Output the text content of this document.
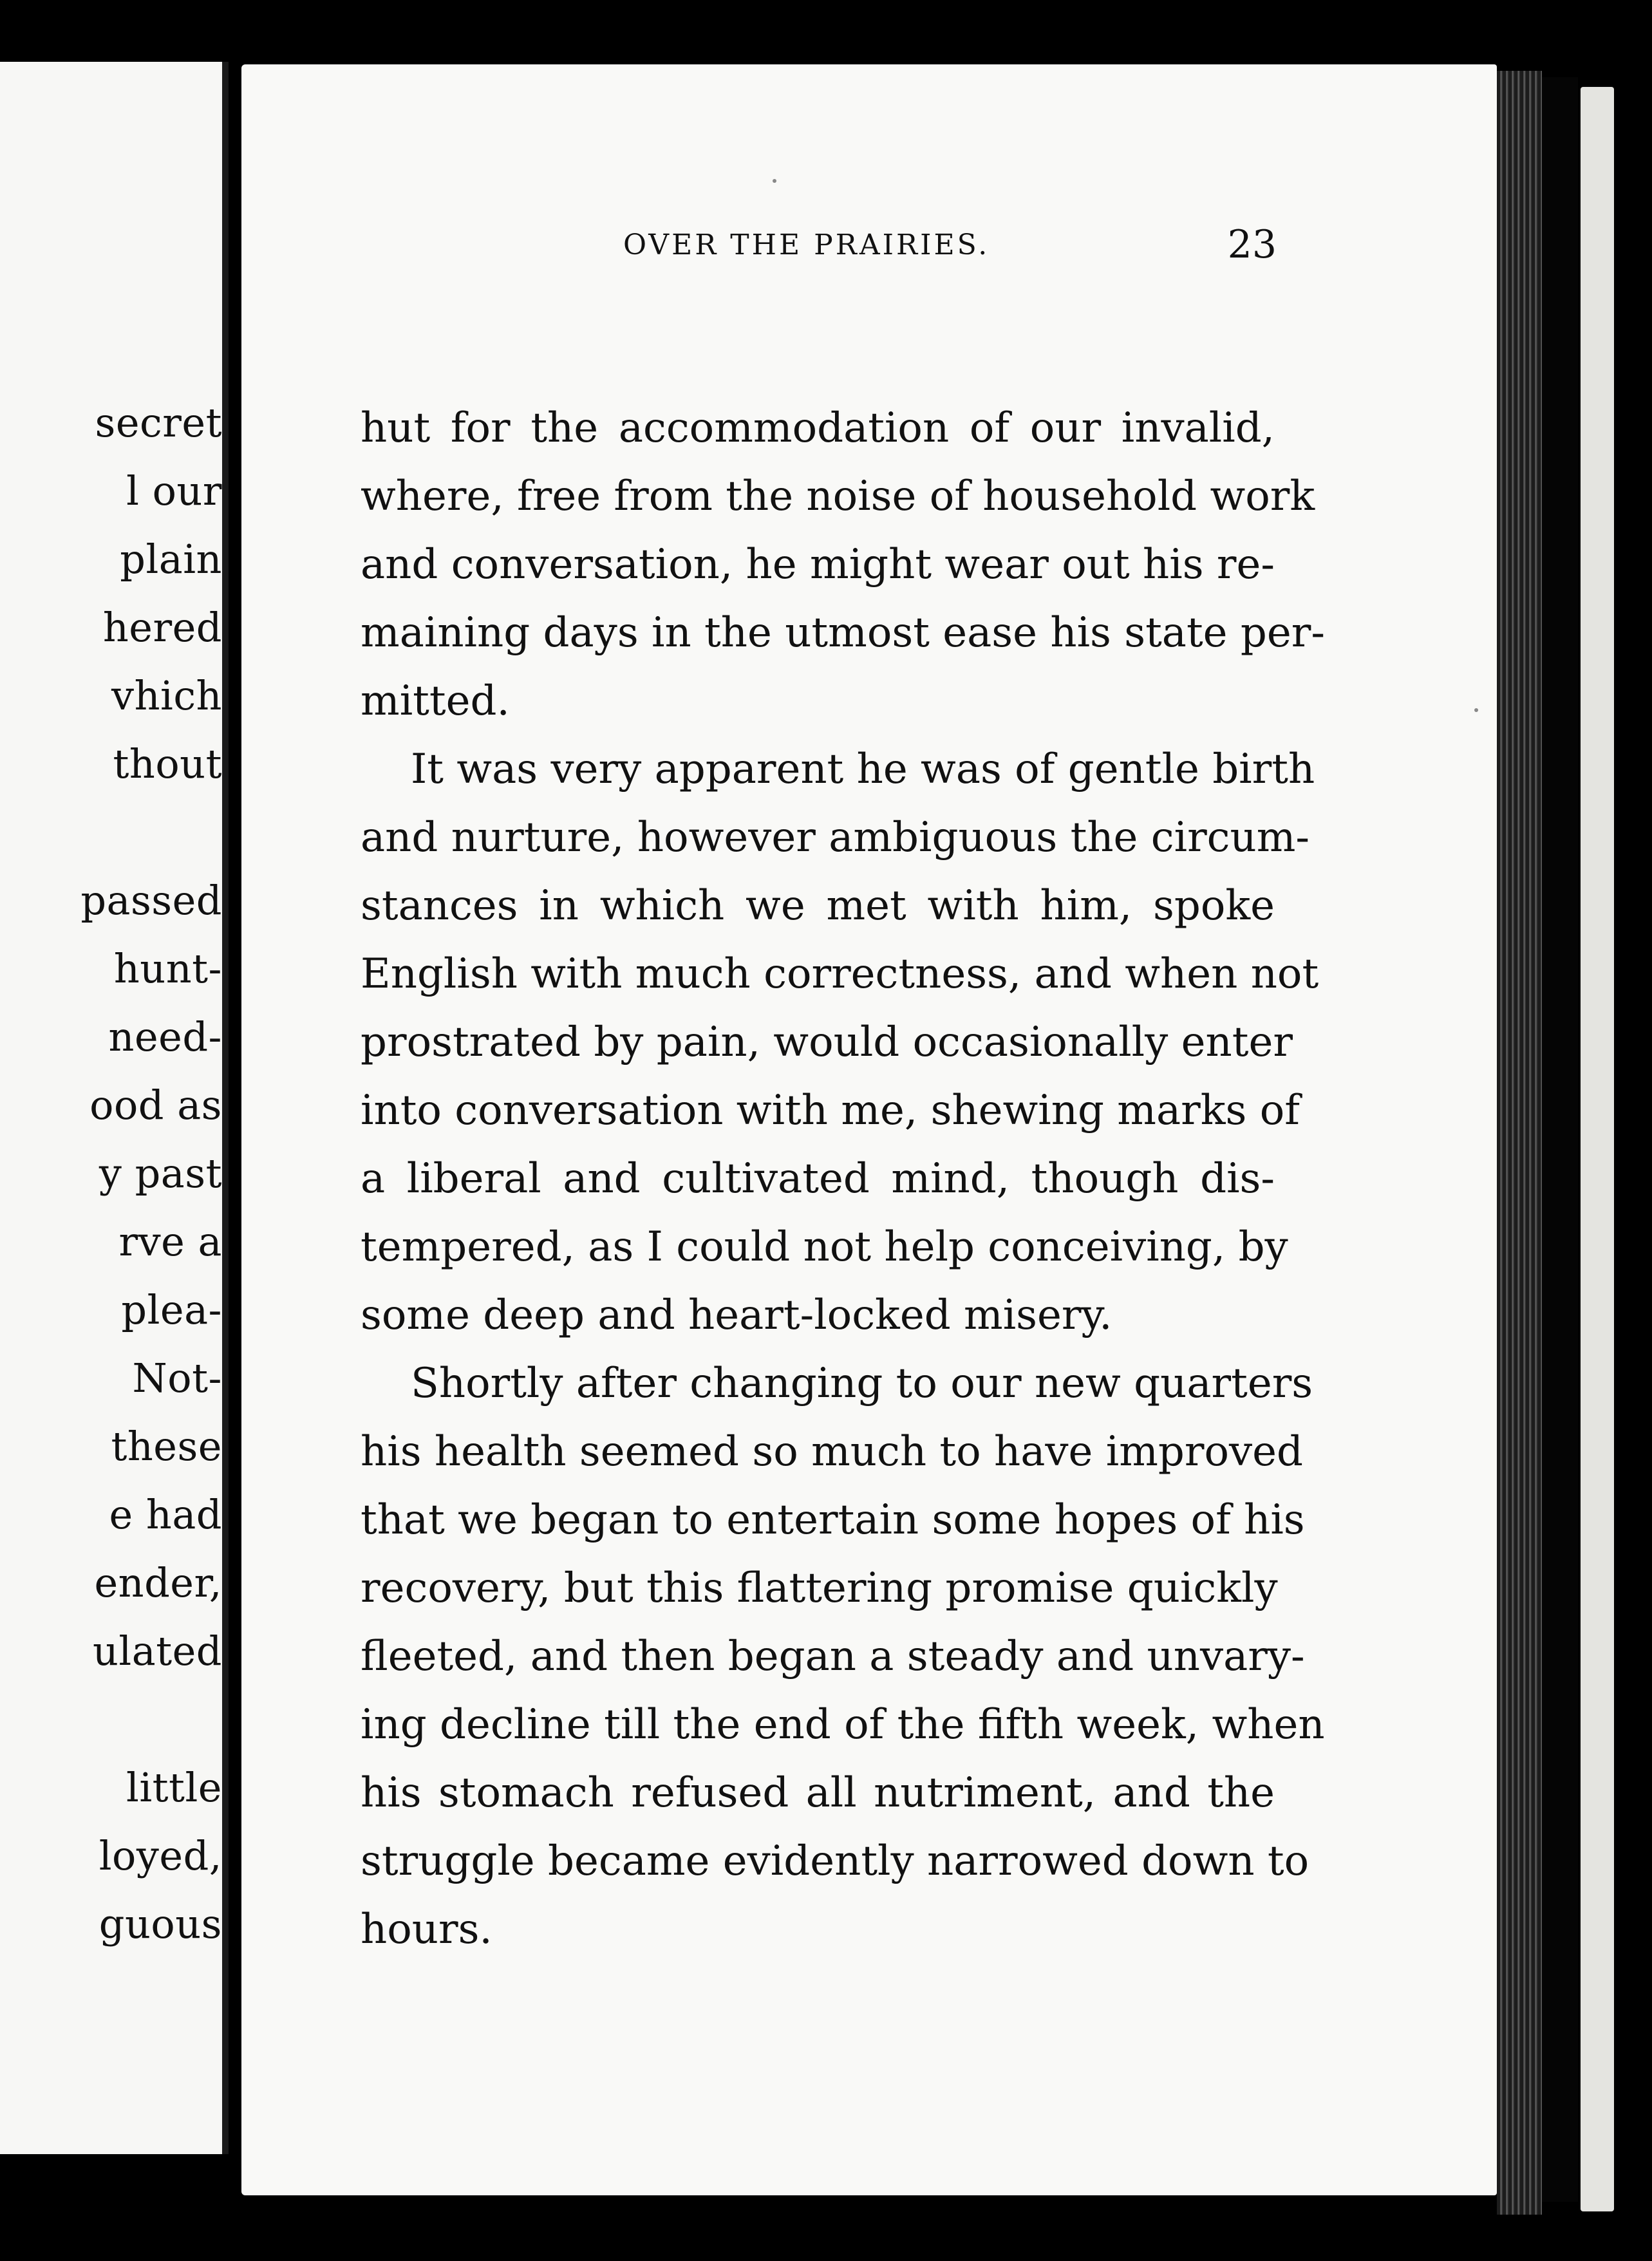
secret
l our
plain
hered
vhich
thout
passed
hunt-
need-
ood as
y past
rve a
plea-
Not-
these
e had
ender,
ulated
little
loyed,
guous
OVER THE PRAIRIES.	23
hut for the accommodation of our invalid,
where, free from the noise of household work
and conversation, he might wear out his re-
maining days in the utmost ease his state per-
mitted.
It was very apparent he was of gentle birth
and nurture, however ambiguous the circum-
stances in which we met with him, spoke
English with much correctness, and when not
prostrated by pain, would occasionally enter
into conversation with me, shewing marks of
a liberal and cultivated mind, though dis-
tempered, as I could not help conceiving, by
some deep and heart-locked misery.
Shortly after changing to our new quarters
his health seemed so much to have improved
that we began to entertain some hopes of his
recovery, but this flattering promise quickly
fleeted, and then began a steady and unvary-
ing decline till the end of the fifth week, when
his stomach refused all nutriment, and the
struggle became evidently narrowed down to
hours.
